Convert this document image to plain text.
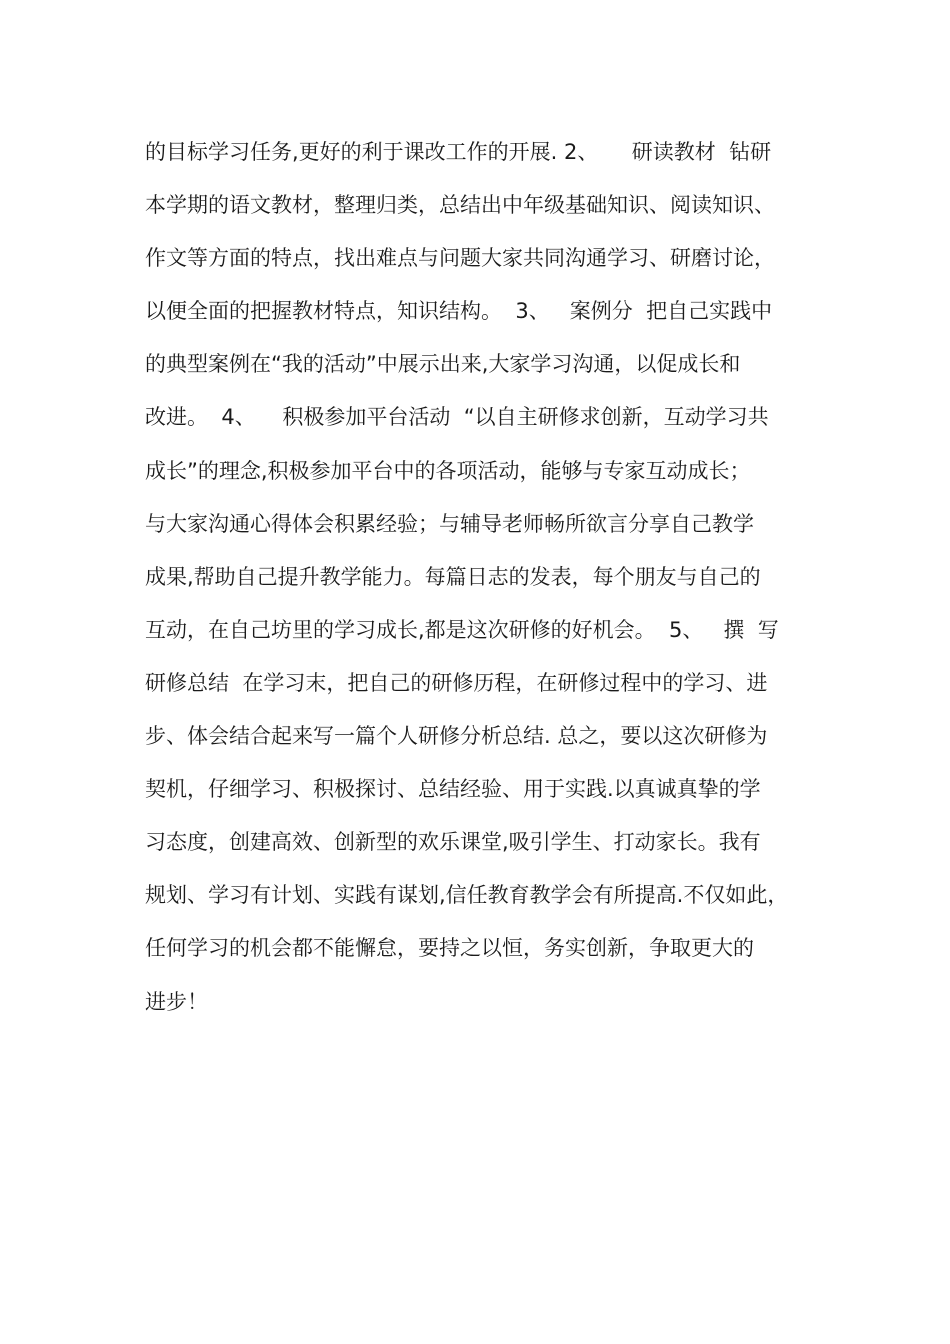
的目标学习任务,更好的利于课改工作的开展. 2、     研读教材  钻研
本学期的语文教材，整理归类，总结出中年级基础知识、阅读知识、
作文等方面的特点，找出难点与问题大家共同沟通学习、研磨讨论，
以便全面的把握教材特点，知识结构。  3、   案例分  把自己实践中
的典型案例在“我的活动”中展示出来,大家学习沟通，以促成长和
改进。  4、    积极参加平台活动  “以自主研修求创新，互动学习共
成长”的理念,积极参加平台中的各项活动，能够与专家互动成长；
与大家沟通心得体会积累经验；与辅导老师畅所欲言分享自己教学
成果,帮助自己提升教学能力。每篇日志的发表，每个朋友与自己的
互动，在自己坊里的学习成长,都是这次研修的好机会。  5、   撰  写
研修总结  在学习末，把自己的研修历程，在研修过程中的学习、进
步、体会结合起来写一篇个人研修分析总结. 总之，要以这次研修为
契机，仔细学习、积极探讨、总结经验、用于实践.以真诚真挚的学
习态度，创建高效、创新型的欢乐课堂,吸引学生、打动家长。我有
规划、学习有计划、实践有谋划,信任教育教学会有所提高.不仅如此，
任何学习的机会都不能懈怠，要持之以恒，务实创新，争取更大的
进步！
